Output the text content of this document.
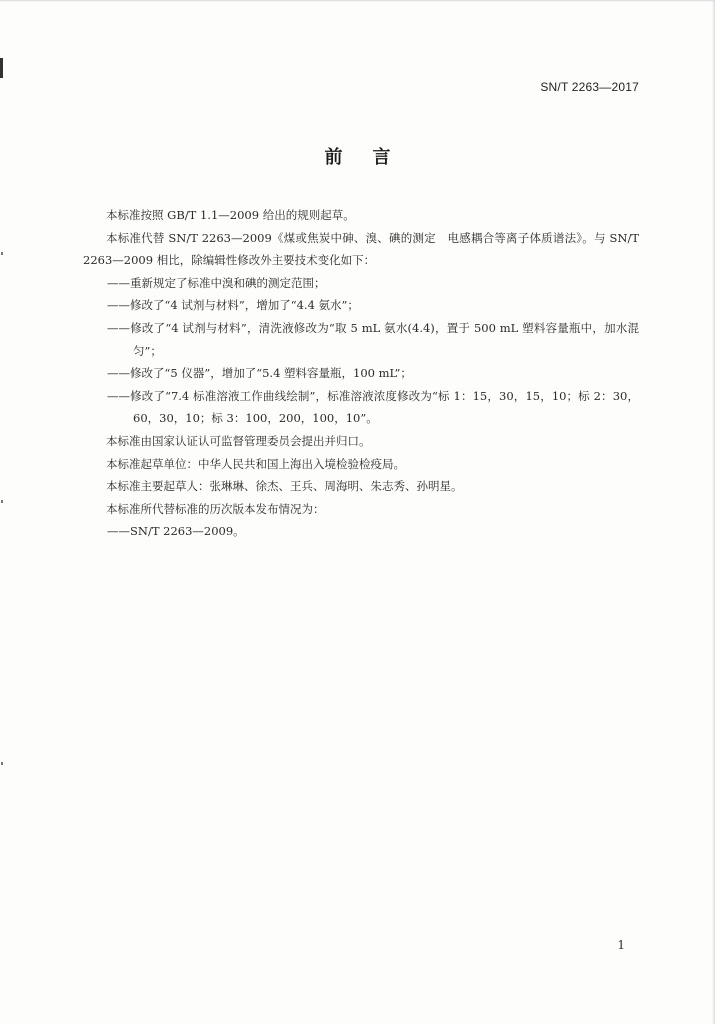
SN/T 2263—2017
前言

本标准按照 GB/T 1.1—2009 给出的规则起草。

本标准代替 SN/T 2263—2009《煤或焦炭中砷、溴、碘的测定　电感耦合等离子体质谱法》。与 SN/T 2263—2009 相比，除编辑性修改外主要技术变化如下：

——重新规定了标准中溴和碘的测定范围；

——修改了“4 试剂与材料”，增加了“4.4 氨水”；

——修改了“4 试剂与材料”，清洗液修改为“取 5 mL 氨水(4.4)，置于 500 mL 塑料容量瓶中，加水混匀”；

——修改了“5 仪器”，增加了“5.4 塑料容量瓶，100 mL”；

——修改了“7.4 标准溶液工作曲线绘制”，标准溶液浓度修改为“标 1：15，30，15，10；标 2：30，60，30，10；标 3：100，200，100，10”。

本标准由国家认证认可监督管理委员会提出并归口。

本标准起草单位：中华人民共和国上海出入境检验检疫局。

本标准主要起草人：张琳琳、徐杰、王兵、周海明、朱志秀、孙明星。

本标准所代替标准的历次版本发布情况为：

——SN/T 2263—2009。

1
